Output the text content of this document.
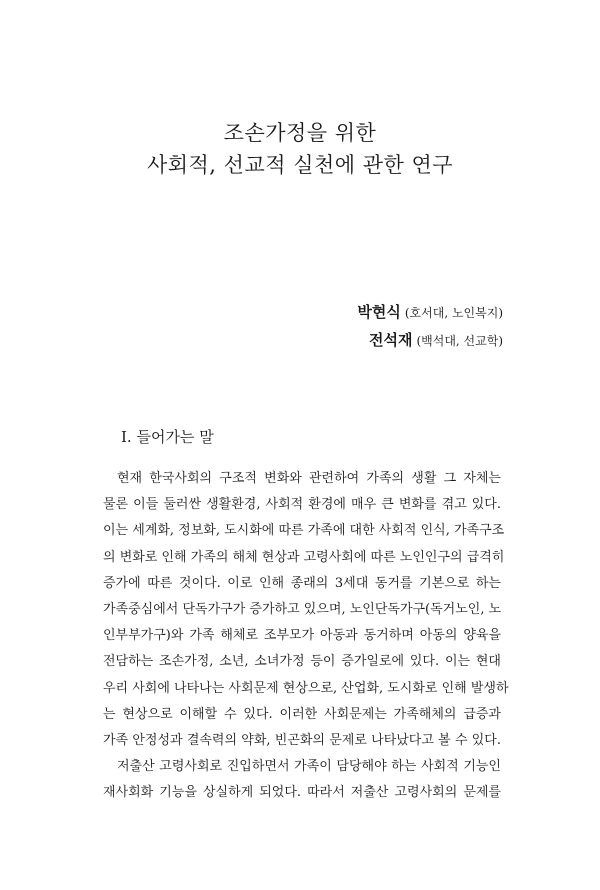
조손가정을 위한
사회적, 선교적 실천에 관한 연구
박현식 (호서대, 노인복지)
전석재 (백석대, 선교학)
I. 들어가는 말
현재 한국사회의 구조적 변화와 관련하여 가족의 생활 그 자체는
물론 이들 둘러싼 생활환경, 사회적 환경에 매우 큰 변화를 겪고 있다.
이는 세계화, 정보화, 도시화에 따른 가족에 대한 사회적 인식, 가족구조
의 변화로 인해 가족의 해체 현상과 고령사회에 따른 노인인구의 급격히
증가에 따른 것이다. 이로 인해 종래의 3세대 동거를 기본으로 하는
가족중심에서 단독가구가 증가하고 있으며, 노인단독가구(독거노인, 노
인부부가구)와 가족 해체로 조부모가 아동과 동거하며 아동의 양육을
전담하는 조손가정, 소년, 소녀가정 등이 증가일로에 있다. 이는 현대
우리 사회에 나타나는 사회문제 현상으로, 산업화, 도시화로 인해 발생하
는 현상으로 이해할 수 있다. 이러한 사회문제는 가족해체의 급증과
가족 안정성과 결속력의 약화, 빈곤화의 문제로 나타났다고 볼 수 있다.
저출산 고령사회로 진입하면서 가족이 담당해야 하는 사회적 기능인
재사회화 기능을 상실하게 되었다. 따라서 저출산 고령사회의 문제를
